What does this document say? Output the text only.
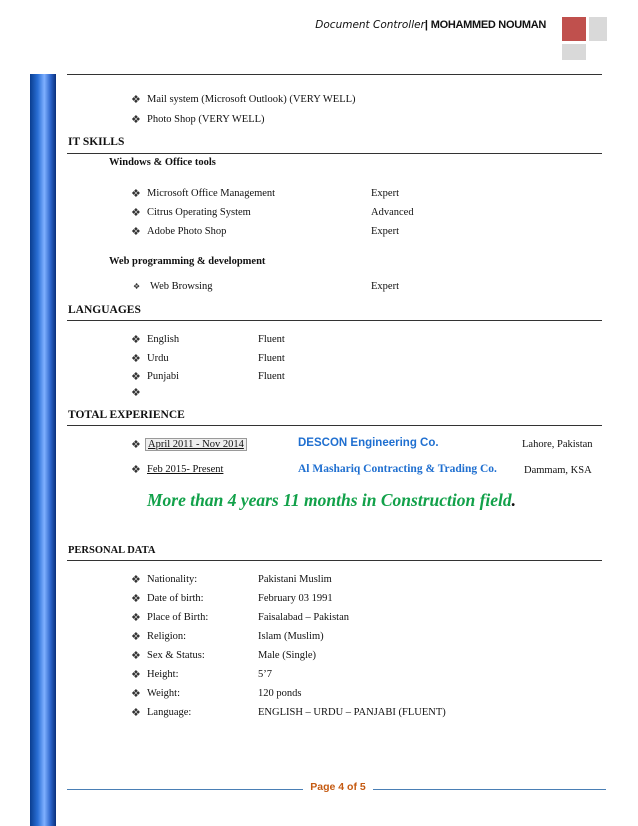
Document Controller| MOHAMMED NOUMAN
❖ Mail system (Microsoft Outlook) (VERY WELL)
❖ Photo Shop (VERY WELL)
IT SKILLS
Windows & Office tools
❖ Microsoft Office Management	Expert
❖ Citrus Operating System	Advanced
❖ Adobe Photo Shop	Expert
Web programming & development
❖ Web Browsing	Expert
LANGUAGES
❖ English	Fluent
❖ Urdu	Fluent
❖ Punjabi	Fluent
❖
TOTAL EXPERIENCE
❖ April 2011 - Nov 2014	DESCON Engineering Co.	Lahore, Pakistan
❖ Feb 2015- Present	Al Mashariq Contracting & Trading Co.	Dammam, KSA
More than 4 years 11 months in Construction field.
PERSONAL DATA
❖ Nationality:	Pakistani Muslim
❖ Date of birth:	February 03 1991
❖ Place of Birth:	Faisalabad – Pakistan
❖ Religion:	Islam (Muslim)
❖ Sex & Status:	Male (Single)
❖ Height:	5’7
❖ Weight:	120 ponds
❖ Language:	ENGLISH – URDU – PANJABI (FLUENT)
Page 4 of 5
